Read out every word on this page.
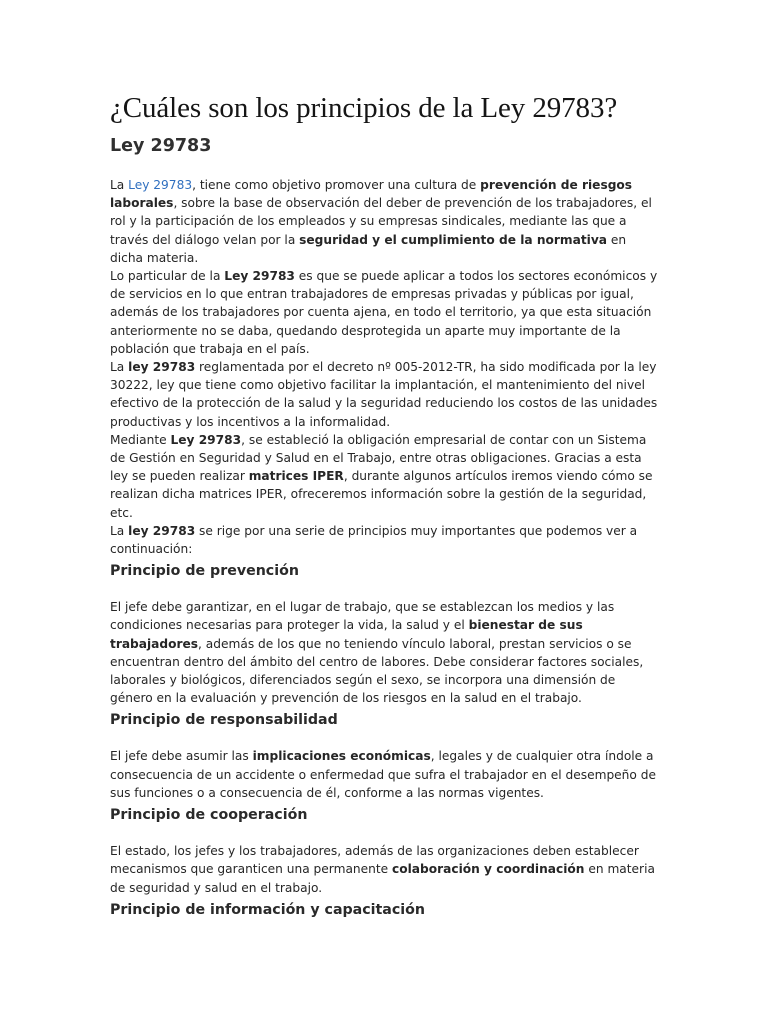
¿Cuáles son los principios de la Ley 29783?
Ley 29783

La Ley 29783, tiene como objetivo promover una cultura de prevención de riesgos laborales, sobre la base de observación del deber de prevención de los trabajadores, el rol y la participación de los empleados y su empresas sindicales, mediante las que a través del diálogo velan por la seguridad y el cumplimiento de la normativa en dicha materia.

Lo particular de la Ley 29783 es que se puede aplicar a todos los sectores económicos y de servicios en lo que entran trabajadores de empresas privadas y públicas por igual, además de los trabajadores por cuenta ajena, en todo el territorio, ya que esta situación anteriormente no se daba, quedando desprotegida un aparte muy importante de la población que trabaja en el país.

La ley 29783 reglamentada por el decreto nº 005-2012-TR, ha sido modificada por la ley 30222, ley que tiene como objetivo facilitar la implantación, el mantenimiento del nivel efectivo de la protección de la salud y la seguridad reduciendo los costos de las unidades productivas y los incentivos a la informalidad.

Mediante Ley 29783, se estableció la obligación empresarial de contar con un Sistema de Gestión en Seguridad y Salud en el Trabajo, entre otras obligaciones. Gracias a esta ley se pueden realizar matrices IPER, durante algunos artículos iremos viendo cómo se realizan dicha matrices IPER, ofreceremos información sobre la gestión de la seguridad, etc.

La ley 29783 se rige por una serie de principios muy importantes que podemos ver a continuación:

Principio de prevención

El jefe debe garantizar, en el lugar de trabajo, que se establezcan los medios y las condiciones necesarias para proteger la vida, la salud y el bienestar de sus trabajadores, además de los que no teniendo vínculo laboral, prestan servicios o se encuentran dentro del ámbito del centro de labores. Debe considerar factores sociales, laborales y biológicos, diferenciados según el sexo, se incorpora una dimensión de género en la evaluación y prevención de los riesgos en la salud en el trabajo.

Principio de responsabilidad

El jefe debe asumir las implicaciones económicas, legales y de cualquier otra índole a consecuencia de un accidente o enfermedad que sufra el trabajador en el desempeño de sus funciones o a consecuencia de él, conforme a las normas vigentes.

Principio de cooperación

El estado, los jefes y los trabajadores, además de las organizaciones deben establecer mecanismos que garanticen una permanente colaboración y coordinación en materia de seguridad y salud en el trabajo.

Principio de información y capacitación
